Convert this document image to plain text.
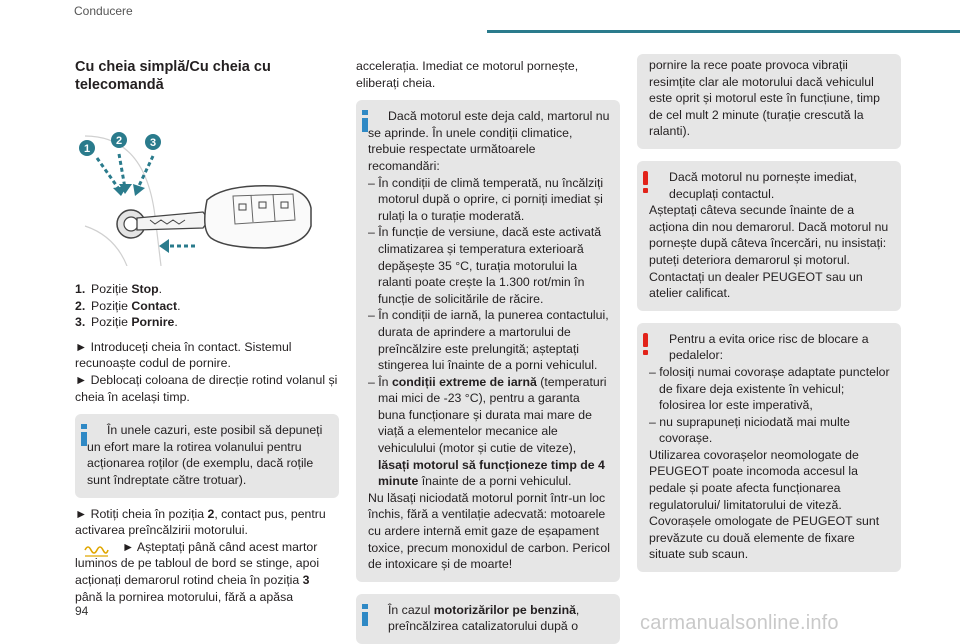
Conducere
Cu cheia simplă/Cu cheia cu telecomandă
1
2	3
1. Poziție Stop.
2. Poziție Contact.
3. Poziție Pornire.

► Introduceți cheia în contact. Sistemul recunoaște codul de pornire.

► Deblocați coloana de direcție rotind volanul și cheia în același timp.

În unele cazuri, este posibil să depuneți
un efort mare la rotirea volanului pentru acționarea roților (de exemplu, dacă roțile sunt îndreptate către trotuar).

► Rotiți cheia în poziția 2, contact pus, pentru activarea preîncălzirii motorului.

► Așteptați până când acest martor luminos de pe tabloul de bord se stinge, apoi acționați demarorul rotind cheia în poziția 3 până la pornirea motorului, fără a apăsa

accelerația. Imediat ce motorul pornește, eliberați cheia.

Dacă motorul este deja cald, martorul nu
se aprinde. În unele condiții climatice, trebuie respectate următoarele recomandări:
– În condiții de climă temperată, nu încălziți motorul după o oprire, ci porniți imediat și rulați la o turație moderată.
– În funcție de versiune, dacă este activată climatizarea și temperatura exterioară depășește 35 °C, turația motorului la ralanti poate crește la 1.300 rot/min în funcție de solicitările de răcire.
– În condiții de iarnă, la punerea contactului, durata de aprindere a martorului de preîncălzire este prelungită; așteptați stingerea lui înainte de a porni vehiculul.
– În condiții extreme de iarnă (temperaturi mai mici de -23 °C), pentru a garanta buna funcționare și durata mai mare de viață a elementelor mecanice ale vehiculului (motor și cutie de viteze), lăsați motorul să funcționeze timp de 4 minute înainte de a porni vehiculul.
Nu lăsați niciodată motorul pornit într-un loc închis, fără a ventilație adecvată: motoarele cu ardere internă emit gaze de eșapament toxice, precum monoxidul de carbon. Pericol de intoxicare și de moarte!
În cazul motorizărilor pe benzină,
preîncălzirea catalizatorului după o
pornire la rece poate provoca vibrații resimțite clar ale motorului dacă vehiculul este oprit și motorul este în funcțiune, timp de cel mult 2 minute (turație crescută la ralanti).
Dacă motorul nu pornește imediat,
decuplați contactul.
Așteptați câteva secunde înainte de a acționa din nou demarorul. Dacă motorul nu pornește după câteva încercări, nu insistați: puteți deteriora demarorul și motorul.
Contactați un dealer PEUGEOT sau un atelier calificat.
Pentru a evita orice risc de blocare a
pedalelor:
– folosiți numai covorașe adaptate punctelor de fixare deja existente în vehicul; folosirea lor este imperativă,
– nu suprapuneți niciodată mai multe covorașe.
Utilizarea covorașelor neomologate de PEUGEOT poate incomoda accesul la pedale și poate afecta funcționarea regulatorului/ limitatorului de viteză.
Covorașele omologate de PEUGEOT sunt prevăzute cu două elemente de fixare situate sub scaun.
94
carmanualsonline.info
